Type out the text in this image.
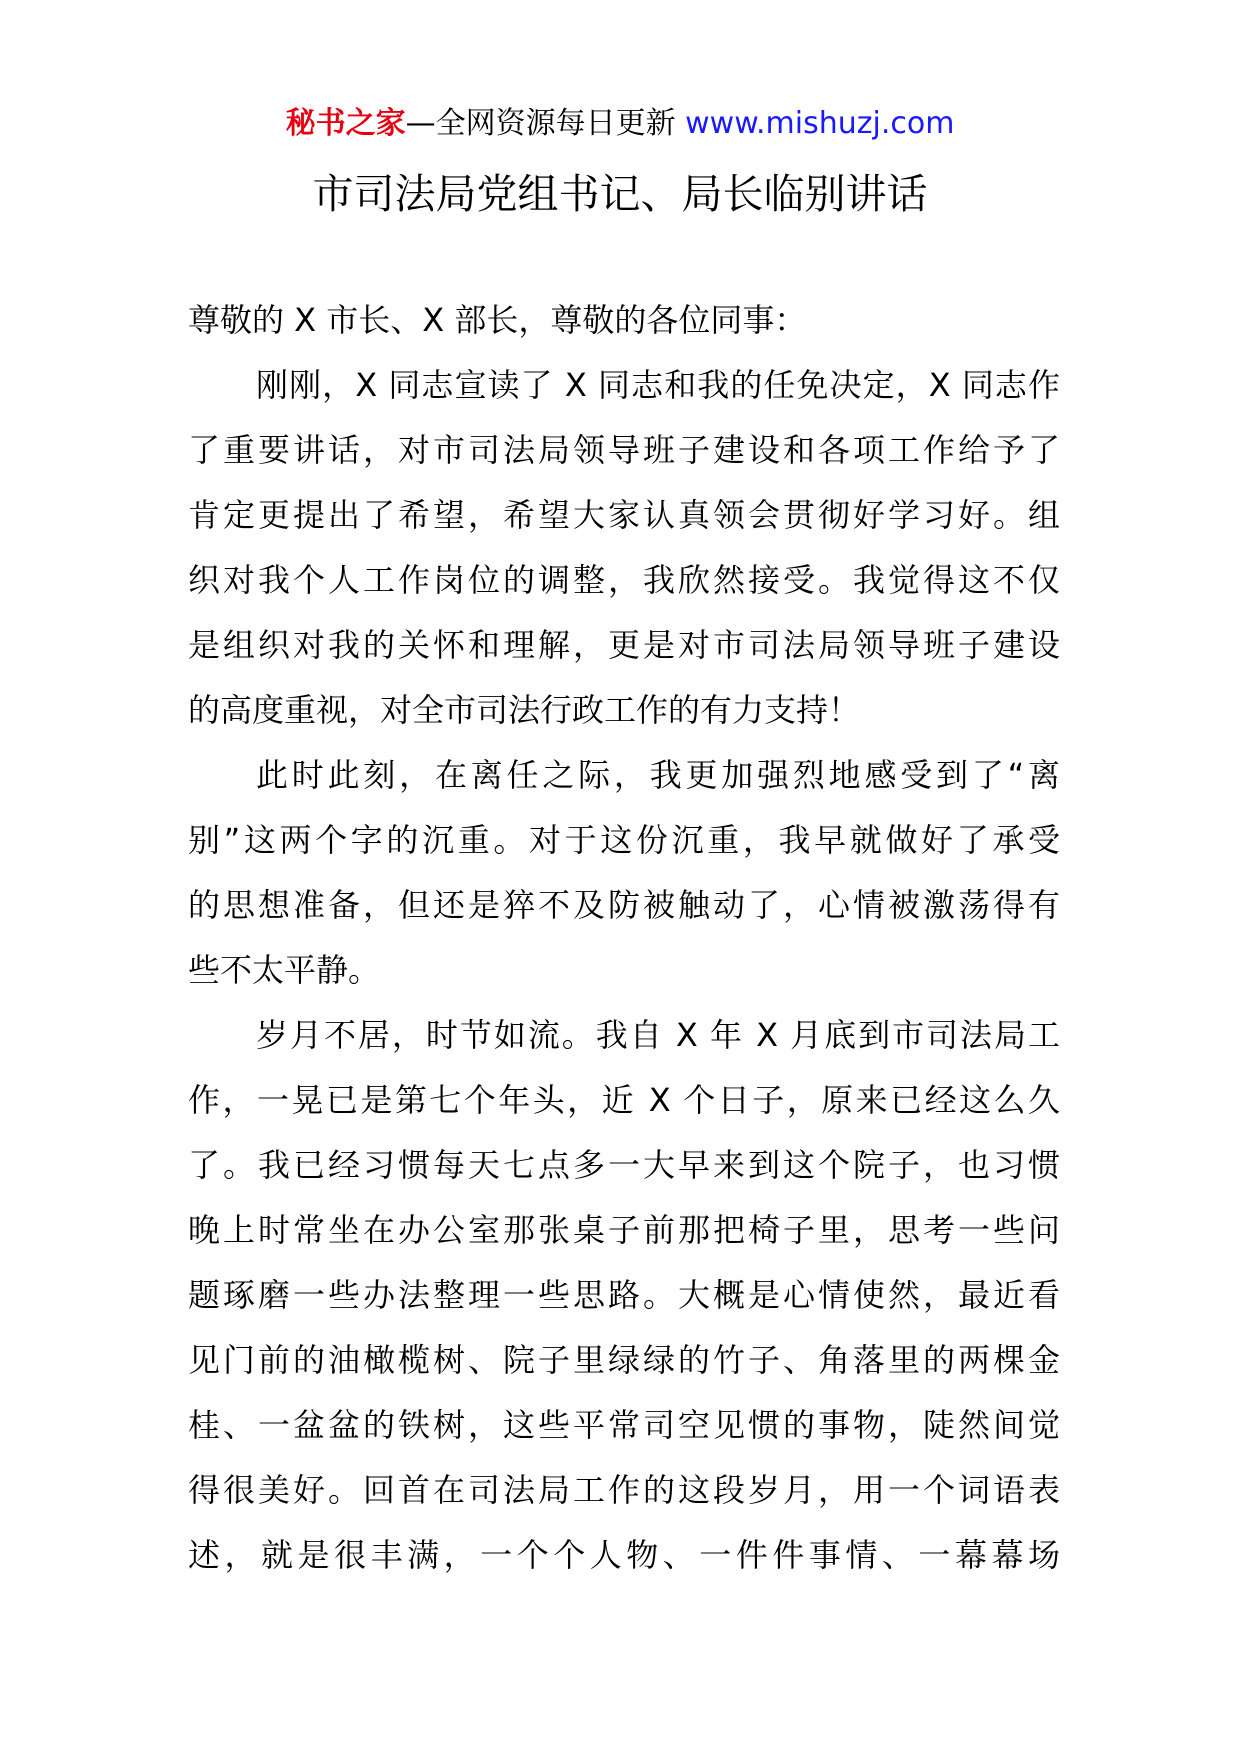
秘书之家—全网资源每日更新 www.mishuzj.com
市司法局党组书记、局长临别讲话
尊敬的 X 市长、X 部长，尊敬的各位同事：
刚刚，X 同志宣读了 X 同志和我的任免决定，X 同志作
了重要讲话，对市司法局领导班子建设和各项工作给予了
肯定更提出了希望，希望大家认真领会贯彻好学习好。组
织对我个人工作岗位的调整，我欣然接受。我觉得这不仅
是组织对我的关怀和理解，更是对市司法局领导班子建设
的高度重视，对全市司法行政工作的有力支持！
此时此刻，在离任之际，我更加强烈地感受到了“离
别”这两个字的沉重。对于这份沉重，我早就做好了承受
的思想准备，但还是猝不及防被触动了，心情被激荡得有
些不太平静。
岁月不居，时节如流。我自 X 年 X 月底到市司法局工
作，一晃已是第七个年头，近 X 个日子，原来已经这么久
了。我已经习惯每天七点多一大早来到这个院子，也习惯
晚上时常坐在办公室那张桌子前那把椅子里，思考一些问
题琢磨一些办法整理一些思路。大概是心情使然，最近看
见门前的油橄榄树、院子里绿绿的竹子、角落里的两棵金
桂、一盆盆的铁树，这些平常司空见惯的事物，陡然间觉
得很美好。回首在司法局工作的这段岁月，用一个词语表
述，就是很丰满，一个个人物、一件件事情、一幕幕场
